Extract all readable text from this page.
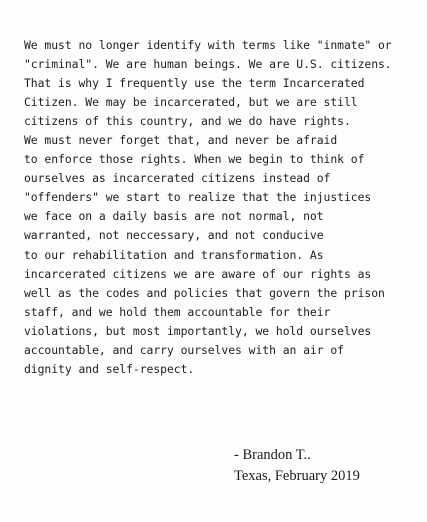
We must no longer identify with terms like "inmate" or
"criminal". We are human beings. We are U.S. citizens.
That is why I frequently use the term Incarcerated
Citizen. We may be incarcerated, but we are still
citizens of this country, and we do have rights.
We must never forget that, and never be afraid
to enforce those rights. When we begin to think of
ourselves as incarcerated citizens instead of
"offenders" we start to realize that the injustices
we face on a daily basis are not normal, not
warranted, not neccessary, and not conducive
to our rehabilitation and transformation. As
incarcerated citizens we are aware of our rights as
well as the codes and policies that govern the prison
staff, and we hold them accountable for their
violations, but most importantly, we hold ourselves
accountable, and carry ourselves with an air of
dignity and self-respect.
- Brandon T..
Texas, February 2019
